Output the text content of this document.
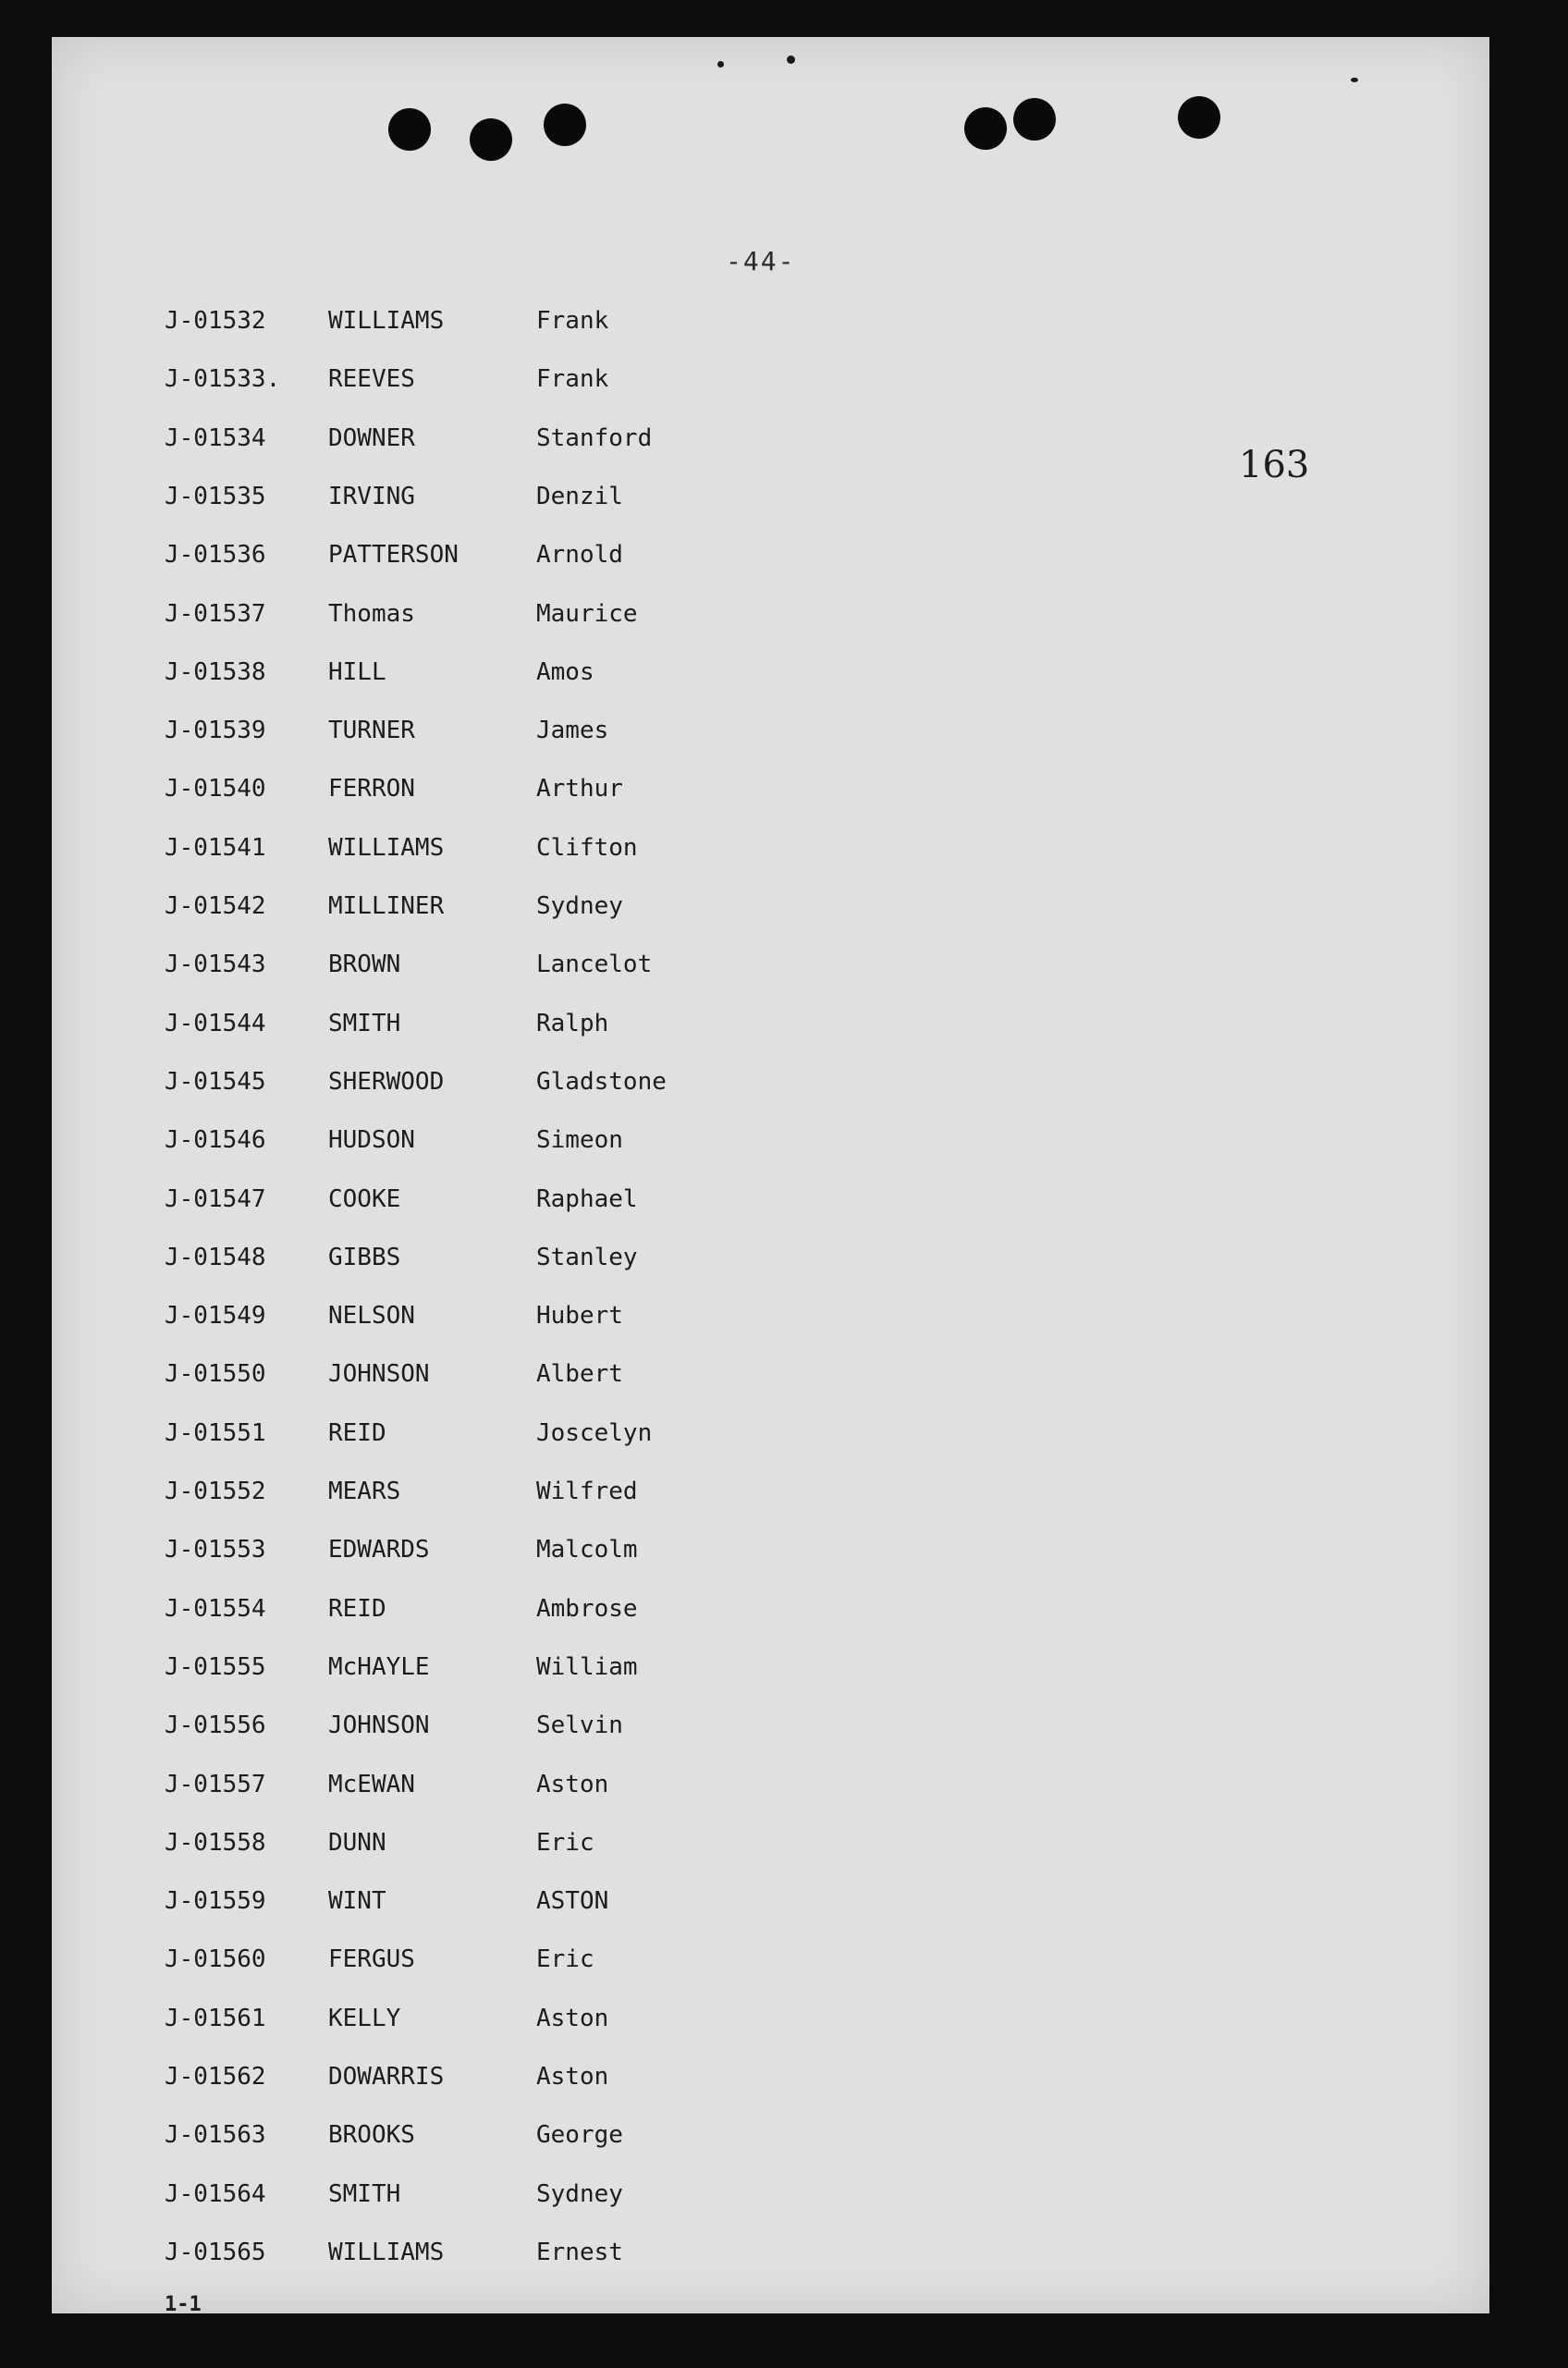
-44-
163
J-01532	WILLIAMS	Frank
J-01533. REEVES	Frank
J-01534	DOWNER	Stanford
J-01535	IRVING	Denzil
J-01536	PATTERSON	Arnold
J-01537	Thomas	Maurice
J-01538	HILL	Amos
J-01539	TURNER	James
J-01540	FERRON	Arthur
J-01541	WILLIAMS	Clifton
J-01542	MILLINER	Sydney
J-01543	BROWN	Lancelot
J-01544	SMITH	Ralph
J-01545	SHERWOOD	Gladstone
J-01546	HUDSON	Simeon
J-01547	COOKE	Raphael
J-01548	GIBBS	Stanley
J-01549	NELSON	Hubert
J-01550	JOHNSON	Albert
J-01551	REID	Joscelyn
J-01552	MEARS	Wilfred
J-01553	EDWARDS	Malcolm
J-01554	REID	Ambrose
J-01555	McHAYLE	William
J-01556	JOHNSON	Selvin
J-01557	McEWAN	Aston
J-01558	DUNN	Eric
J-01559	WINT	ASTON
J-01560	FERGUS	Eric
J-01561	KELLY	Aston
J-01562	DOWARRIS	Aston
J-01563	BROOKS	George
J-01564	SMITH	Sydney
J-01565	WILLIAMS	Ernest
1-1
